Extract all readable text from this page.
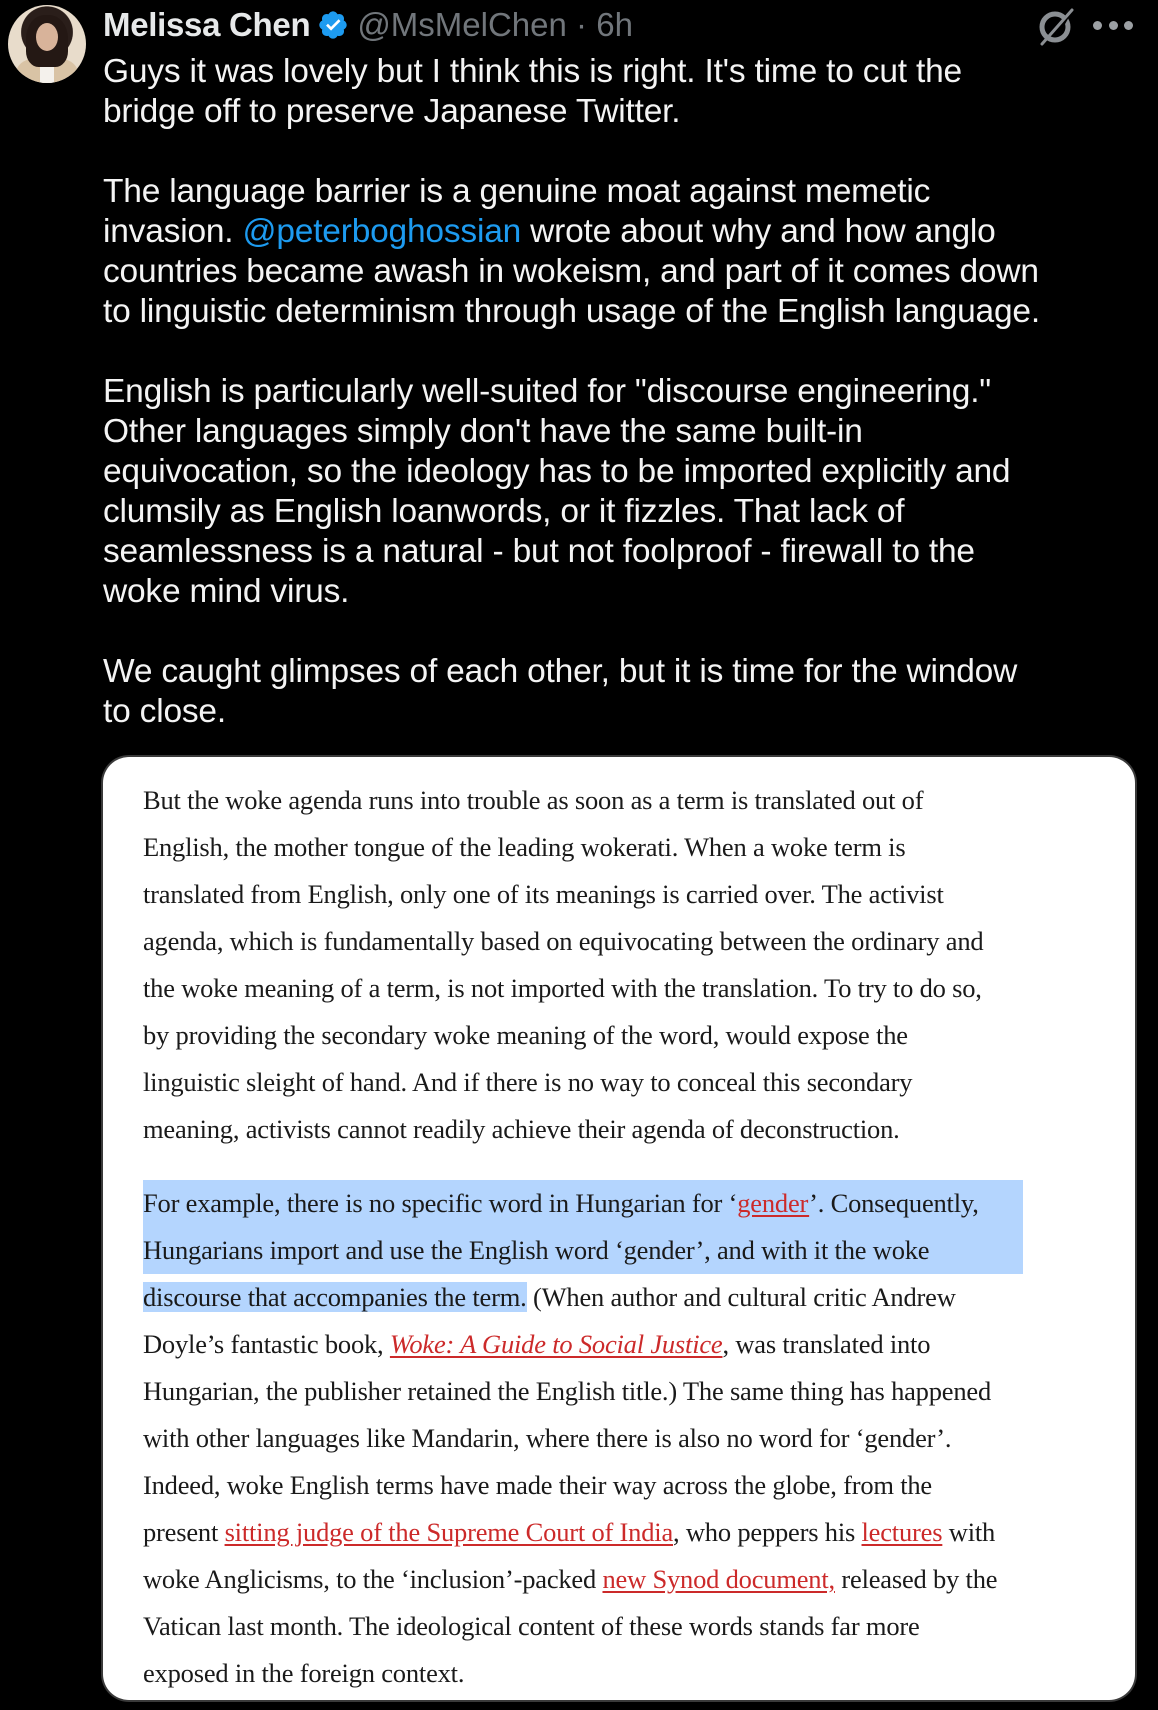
Melissa Chen @MsMelChen · 6h

Guys it was lovely but I think this is right. It's time to cut the
bridge off to preserve Japanese Twitter.

The language barrier is a genuine moat against memetic
invasion. @peterboghossian wrote about why and how anglo
countries became awash in wokeism, and part of it comes down
to linguistic determinism through usage of the English language.

English is particularly well-suited for "discourse engineering."
Other languages simply don't have the same built-in
equivocation, so the ideology has to be imported explicitly and
clumsily as English loanwords, or it fizzles. That lack of
seamlessness is a natural - but not foolproof - firewall to the
woke mind virus.

We caught glimpses of each other, but it is time for the window
to close.

But the woke agenda runs into trouble as soon as a term is translated out of
English, the mother tongue of the leading wokerati. When a woke term is
translated from English, only one of its meanings is carried over. The activist
agenda, which is fundamentally based on equivocating between the ordinary and
the woke meaning of a term, is not imported with the translation. To try to do so,
by providing the secondary woke meaning of the word, would expose the
linguistic sleight of hand. And if there is no way to conceal this secondary
meaning, activists cannot readily achieve their agenda of deconstruction.

For example, there is no specific word in Hungarian for ‘gender’. Consequently,
Hungarians import and use the English word ‘gender’, and with it the woke
discourse that accompanies the term. (When author and cultural critic Andrew
Doyle’s fantastic book, Woke: A Guide to Social Justice, was translated into
Hungarian, the publisher retained the English title.) The same thing has happened
with other languages like Mandarin, where there is also no word for ‘gender’.
Indeed, woke English terms have made their way across the globe, from the
present sitting judge of the Supreme Court of India, who peppers his lectures with
woke Anglicisms, to the ‘inclusion’-packed new Synod document, released by the
Vatican last month. The ideological content of these words stands far more
exposed in the foreign context.
